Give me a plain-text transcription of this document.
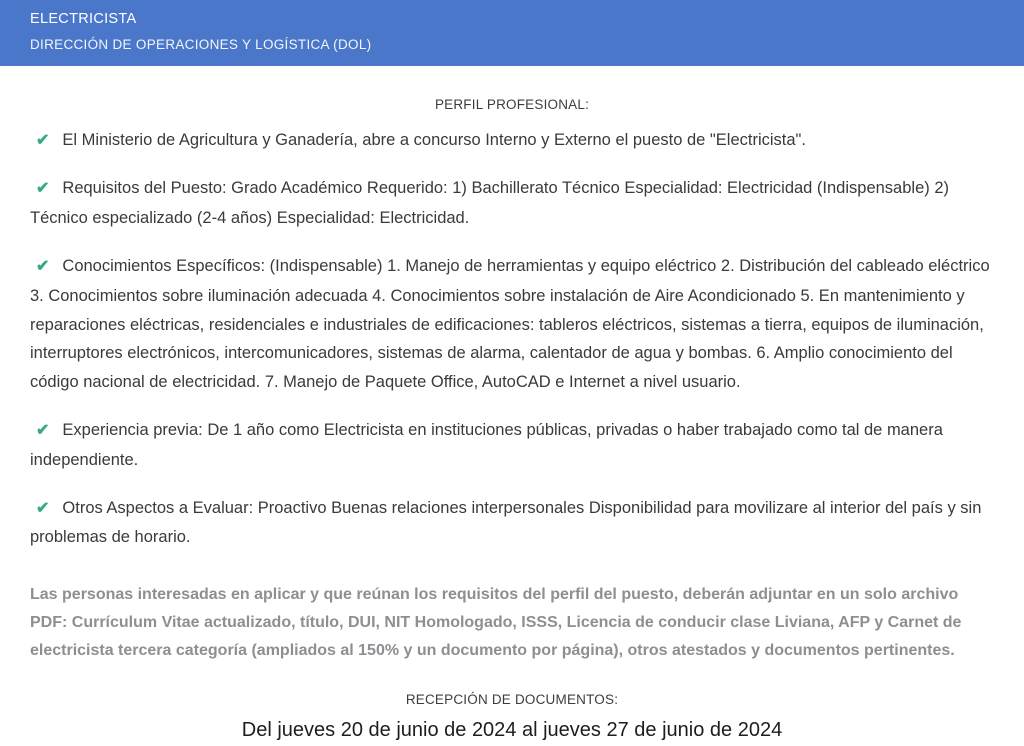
ELECTRICISTA
DIRECCIÓN DE OPERACIONES Y LOGÍSTICA (DOL)
PERFIL PROFESIONAL:

✔ El Ministerio de Agricultura y Ganadería, abre a concurso Interno y Externo el puesto de "Electricista".

✔ Requisitos del Puesto: Grado Académico Requerido: 1) Bachillerato Técnico Especialidad: Electricidad (Indispensable) 2) Técnico especializado (2-4 años) Especialidad: Electricidad.

✔ Conocimientos Específicos: (Indispensable) 1. Manejo de herramientas y equipo eléctrico 2. Distribución del cableado eléctrico 3. Conocimientos sobre iluminación adecuada 4. Conocimientos sobre instalación de Aire Acondicionado 5. En mantenimiento y reparaciones eléctricas, residenciales e industriales de edificaciones: tableros eléctricos, sistemas a tierra, equipos de iluminación, interruptores electrónicos, intercomunicadores, sistemas de alarma, calentador de agua y bombas. 6. Amplio conocimiento del código nacional de electricidad. 7. Manejo de Paquete Office, AutoCAD e Internet a nivel usuario.

✔ Experiencia previa: De 1 año como Electricista en instituciones públicas, privadas o haber trabajado como tal de manera independiente.

✔ Otros Aspectos a Evaluar: Proactivo Buenas relaciones interpersonales Disponibilidad para movilizare al interior del país y sin problemas de horario.

Las personas interesadas en aplicar y que reúnan los requisitos del perfil del puesto, deberán adjuntar en un solo archivo PDF: Currículum Vitae actualizado, título, DUI, NIT Homologado, ISSS, Licencia de conducir clase Liviana, AFP y Carnet de electricista tercera categoría (ampliados al 150% y un documento por página), otros atestados y documentos pertinentes.

RECEPCIÓN DE DOCUMENTOS:
Del jueves 20 de junio de 2024 al jueves 27 de junio de 2024
